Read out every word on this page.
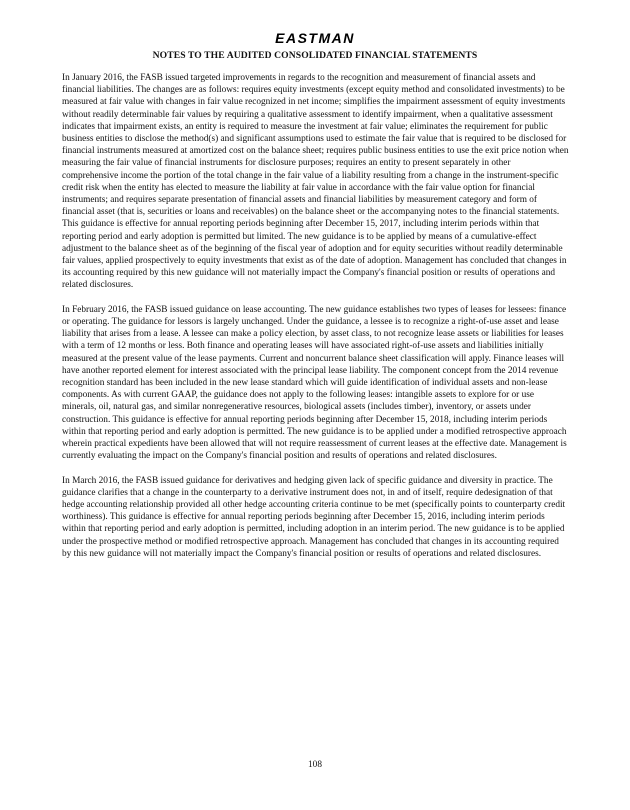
EASTMAN
NOTES TO THE AUDITED CONSOLIDATED FINANCIAL STATEMENTS

In January 2016, the FASB issued targeted improvements in regards to the recognition and measurement of financial assets and financial liabilities. The changes are as follows: requires equity investments (except equity method and consolidated investments) to be measured at fair value with changes in fair value recognized in net income; simplifies the impairment assessment of equity investments without readily determinable fair values by requiring a qualitative assessment to identify impairment, when a qualitative assessment indicates that impairment exists, an entity is required to measure the investment at fair value; eliminates the requirement for public business entities to disclose the method(s) and significant assumptions used to estimate the fair value that is required to be disclosed for financial instruments measured at amortized cost on the balance sheet; requires public business entities to use the exit price notion when measuring the fair value of financial instruments for disclosure purposes; requires an entity to present separately in other comprehensive income the portion of the total change in the fair value of a liability resulting from a change in the instrument-specific credit risk when the entity has elected to measure the liability at fair value in accordance with the fair value option for financial instruments; and requires separate presentation of financial assets and financial liabilities by measurement category and form of financial asset (that is, securities or loans and receivables) on the balance sheet or the accompanying notes to the financial statements. This guidance is effective for annual reporting periods beginning after December 15, 2017, including interim periods within that reporting period and early adoption is permitted but limited. The new guidance is to be applied by means of a cumulative-effect adjustment to the balance sheet as of the beginning of the fiscal year of adoption and for equity securities without readily determinable fair values, applied prospectively to equity investments that exist as of the date of adoption. Management has concluded that changes in its accounting required by this new guidance will not materially impact the Company's financial position or results of operations and related disclosures.

In February 2016, the FASB issued guidance on lease accounting. The new guidance establishes two types of leases for lessees: finance or operating. The guidance for lessors is largely unchanged. Under the guidance, a lessee is to recognize a right-of-use asset and lease liability that arises from a lease. A lessee can make a policy election, by asset class, to not recognize lease assets or liabilities for leases with a term of 12 months or less. Both finance and operating leases will have associated right-of-use assets and liabilities initially measured at the present value of the lease payments. Current and noncurrent balance sheet classification will apply. Finance leases will have another reported element for interest associated with the principal lease liability. The component concept from the 2014 revenue recognition standard has been included in the new lease standard which will guide identification of individual assets and non-lease components. As with current GAAP, the guidance does not apply to the following leases: intangible assets to explore for or use minerals, oil, natural gas, and similar nonregenerative resources, biological assets (includes timber), inventory, or assets under construction. This guidance is effective for annual reporting periods beginning after December 15, 2018, including interim periods within that reporting period and early adoption is permitted. The new guidance is to be applied under a modified retrospective approach wherein practical expedients have been allowed that will not require reassessment of current leases at the effective date. Management is currently evaluating the impact on the Company's financial position and results of operations and related disclosures.

In March 2016, the FASB issued guidance for derivatives and hedging given lack of specific guidance and diversity in practice. The guidance clarifies that a change in the counterparty to a derivative instrument does not, in and of itself, require dedesignation of that hedge accounting relationship provided all other hedge accounting criteria continue to be met (specifically points to counterparty credit worthiness). This guidance is effective for annual reporting periods beginning after December 15, 2016, including interim periods within that reporting period and early adoption is permitted, including adoption in an interim period. The new guidance is to be applied under the prospective method or modified retrospective approach. Management has concluded that changes in its accounting required by this new guidance will not materially impact the Company's financial position or results of operations and related disclosures.

108
